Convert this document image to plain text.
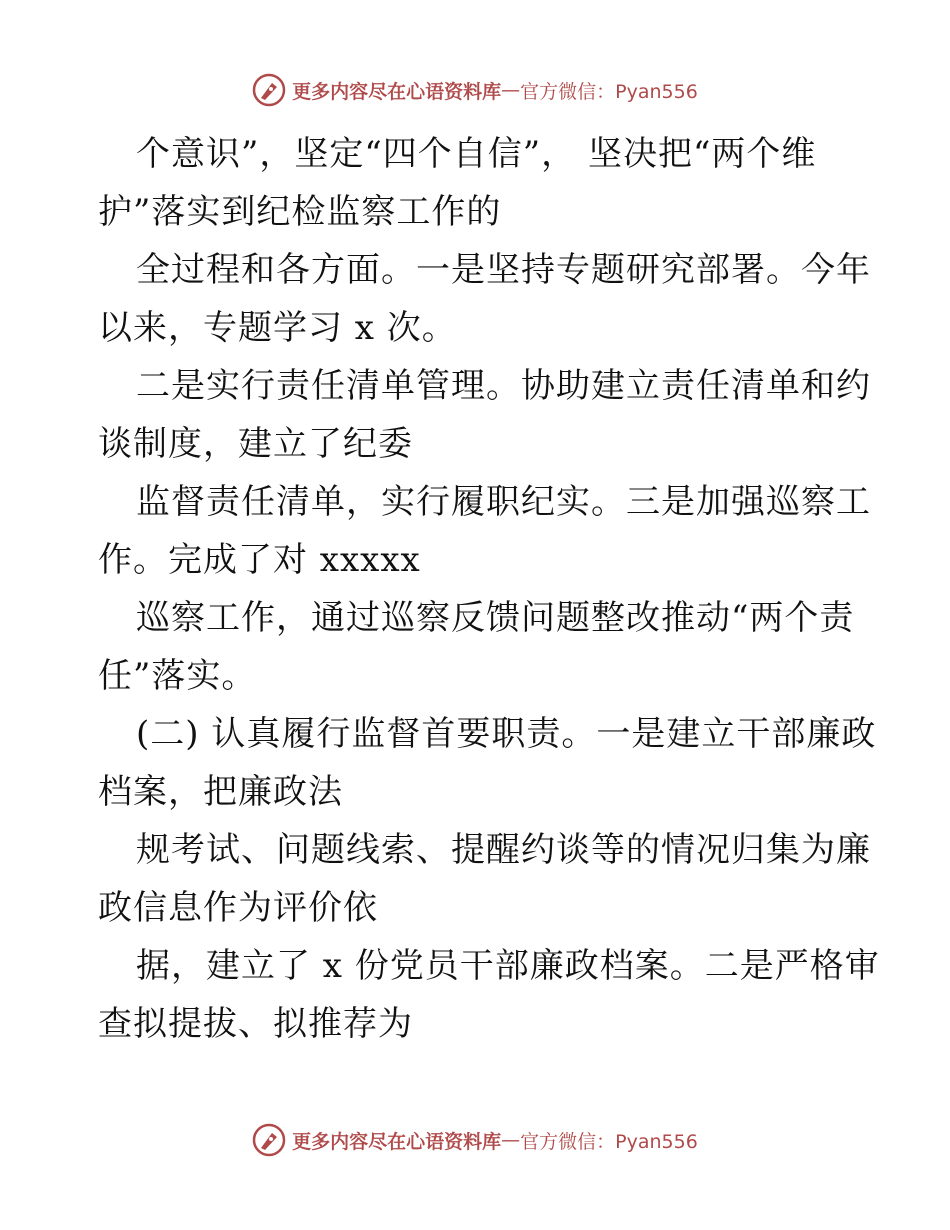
更多内容尽在心语资料库 — 官方微信：Pyan556
个意识”，坚定“四个自信”， 坚决把“两个维
护”落实到纪检监察工作的
全过程和各方面。一是坚持专题研究部署。今年
以来，专题学习 x 次。
二是实行责任清单管理。协助建立责任清单和约
谈制度，建立了纪委
监督责任清单，实行履职纪实。三是加强巡察工
作。完成了对 xxxxx
巡察工作，通过巡察反馈问题整改推动“两个责
任”落实。
(二) 认真履行监督首要职责。一是建立干部廉政
档案，把廉政法
规考试、问题线索、提醒约谈等的情况归集为廉
政信息作为评价依
据，建立了 x 份党员干部廉政档案。二是严格审
查拟提拔、拟推荐为
更多内容尽在心语资料库 — 官方微信：Pyan556
